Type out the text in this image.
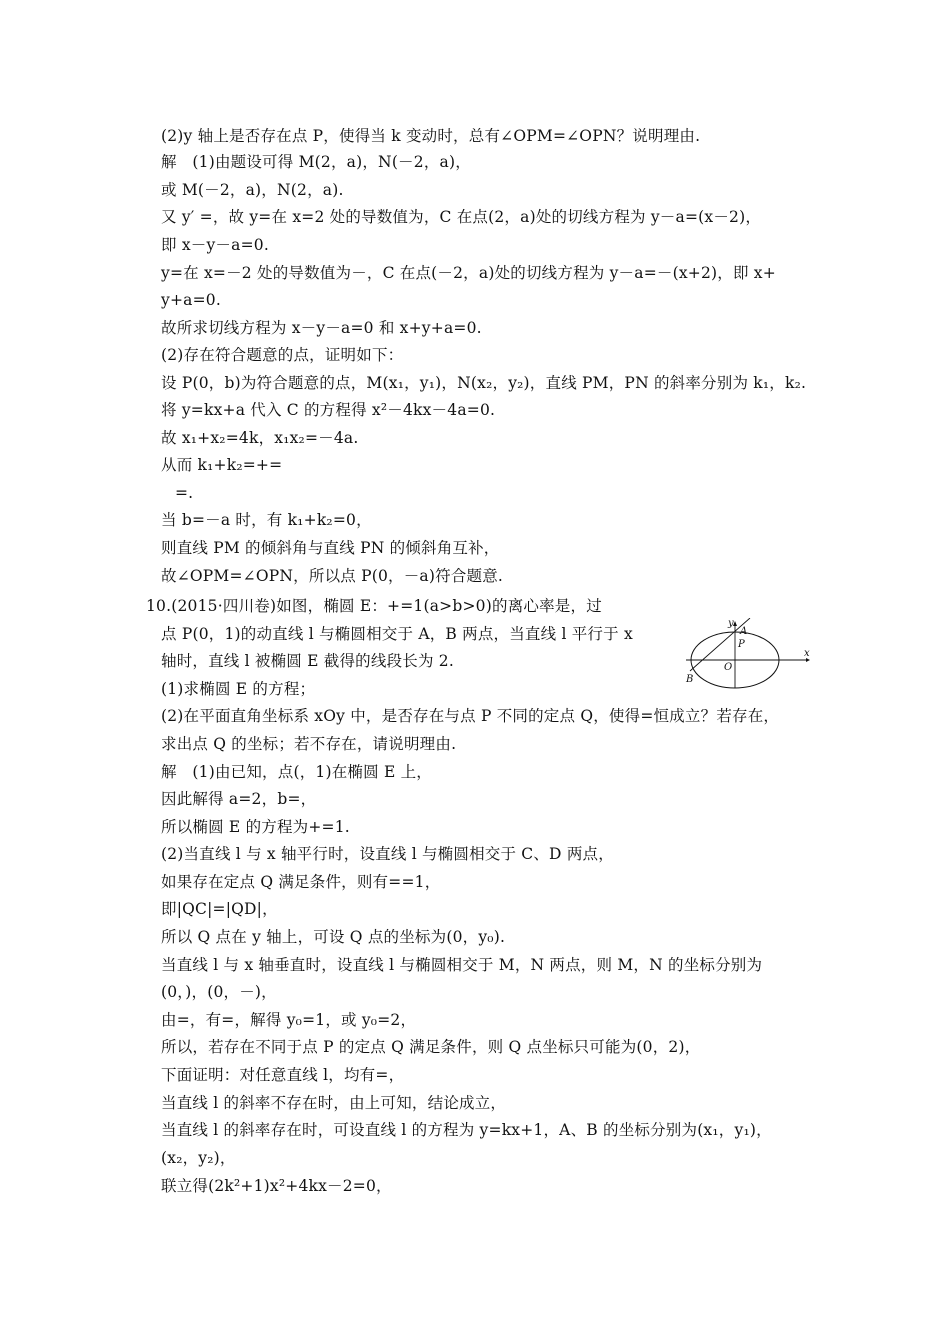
(2)y 轴上是否存在点 P，使得当 k 变动时，总有∠OPM=∠OPN？说明理由.
解　(1)由题设可得 M(2，a)，N(－2，a)，
或 M(－2，a)，N(2，a).
又 y′ =，故 y=在 x=2 处的导数值为，C 在点(2，a)处的切线方程为 y－a=(x－2)，
即 x－y－a=0.
y=在 x=－2 处的导数值为－，C 在点(－2，a)处的切线方程为 y－a=－(x+2)，即 x+
y+a=0.
故所求切线方程为 x－y－a=0 和 x+y+a=0.
(2)存在符合题意的点，证明如下：
设 P(0，b)为符合题意的点，M(x₁，y₁)，N(x₂，y₂)，直线 PM，PN 的斜率分别为 k₁，k₂.
将 y=kx+a 代入 C 的方程得 x²－4kx－4a=0.
故 x₁+x₂=4k，x₁x₂=－4a.
从而 k₁+k₂=+=
=.
当 b=－a 时，有 k₁+k₂=0，
则直线 PM 的倾斜角与直线 PN 的倾斜角互补，
故∠OPM=∠OPN，所以点 P(0，－a)符合题意.
10.(2015·四川卷)如图，椭圆 E：+=1(a>b>0)的离心率是，过
点 P(0，1)的动直线 l 与椭圆相交于 A，B 两点，当直线 l 平行于 x
轴时，直线 l 被椭圆 E 截得的线段长为 2.
(1)求椭圆 E 的方程；
(2)在平面直角坐标系 xOy 中，是否存在与点 P 不同的定点 Q，使得=恒成立？若存在，
求出点 Q 的坐标；若不存在，请说明理由.
解　(1)由已知，点(，1)在椭圆 E 上，
因此解得 a=2，b=，
所以椭圆 E 的方程为+=1.
(2)当直线 l 与 x 轴平行时，设直线 l 与椭圆相交于 C、D 两点，
如果存在定点 Q 满足条件，则有==1，
即|QC|=|QD|，
所以 Q 点在 y 轴上，可设 Q 点的坐标为(0，y₀).
当直线 l 与 x 轴垂直时，设直线 l 与椭圆相交于 M，N 两点，则 M，N 的坐标分别为
(0，)，(0，－)，
由=，有=，解得 y₀=1，或 y₀=2，
所以，若存在不同于点 P 的定点 Q 满足条件，则 Q 点坐标只可能为(0，2)，
下面证明：对任意直线 l，均有=，
当直线 l 的斜率不存在时，由上可知，结论成立，
当直线 l 的斜率存在时，可设直线 l 的方程为 y=kx+1，A、B 的坐标分别为(x₁，y₁)，
(x₂，y₂)，
联立得(2k²+1)x²+4kx－2=0，
y
x
A
P
O
B
